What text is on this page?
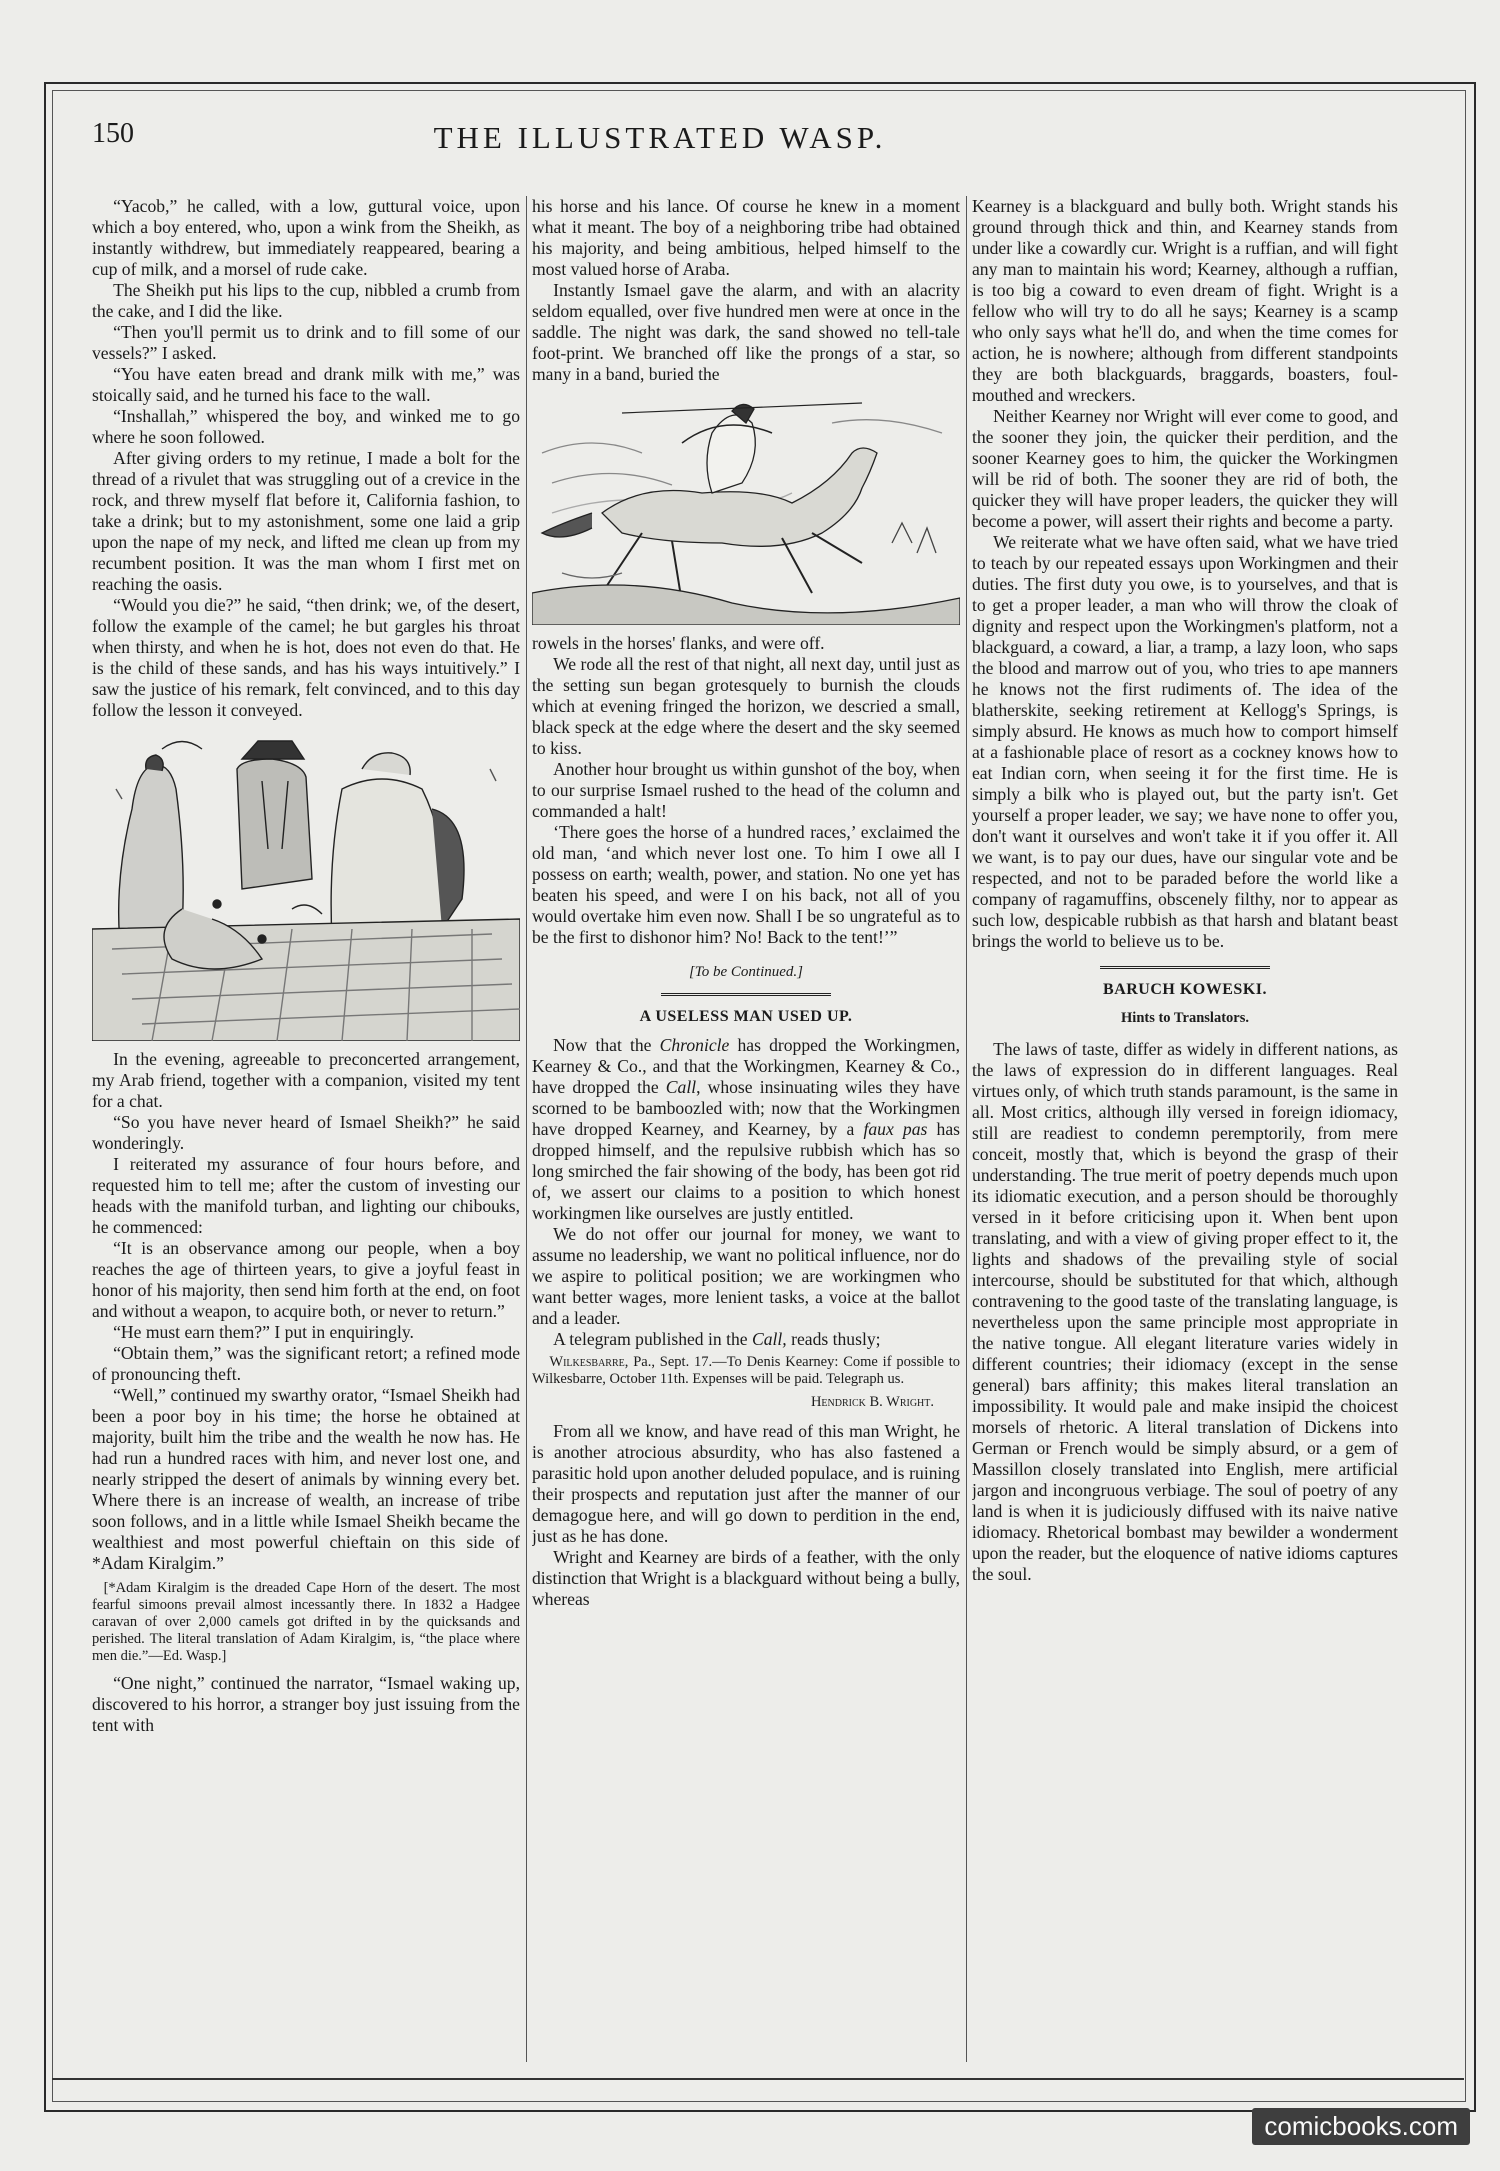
150	THE ILLUSTRATED WASP.

“Yacob,” he called, with a low, guttural voice, upon which a boy entered, who, upon a wink from the Sheikh, as instantly withdrew, but immediately reappeared, bearing a cup of milk, and a morsel of rude cake.

The Sheikh put his lips to the cup, nibbled a crumb from the cake, and I did the like.

“Then you'll permit us to drink and to fill some of our vessels?” I asked.

“You have eaten bread and drank milk with me,” was stoically said, and he turned his face to the wall.

“Inshallah,” whispered the boy, and winked me to go where he soon followed.

After giving orders to my retinue, I made a bolt for the thread of a rivulet that was struggling out of a crevice in the rock, and threw myself flat before it, California fashion, to take a drink; but to my astonishment, some one laid a grip upon the nape of my neck, and lifted me clean up from my recumbent position. It was the man whom I first met on reaching the oasis.

“Would you die?” he said, “then drink; we, of the desert, follow the example of the camel; he but gargles his throat when thirsty, and when he is hot, does not even do that. He is the child of these sands, and has his ways intuitively.” I saw the justice of his remark, felt convinced, and to this day follow the lesson it conveyed.

In the evening, agreeable to preconcerted arrangement, my Arab friend, together with a companion, visited my tent for a chat.

“So you have never heard of Ismael Sheikh?” he said wonderingly.

I reiterated my assurance of four hours before, and requested him to tell me; after the custom of investing our heads with the manifold turban, and lighting our chibouks, he commenced:

“It is an observance among our people, when a boy reaches the age of thirteen years, to give a joyful feast in honor of his majority, then send him forth at the end, on foot and without a weapon, to acquire both, or never to return.”

“He must earn them?” I put in enquiringly.

“Obtain them,” was the significant retort; a refined mode of pronouncing theft.

“Well,” continued my swarthy orator, “Ismael Sheikh had been a poor boy in his time; the horse he obtained at majority, built him the tribe and the wealth he now has. He had run a hundred races with him, and never lost one, and nearly stripped the desert of animals by winning every bet. Where there is an increase of wealth, an increase of tribe soon follows, and in a little while Ismael Sheikh became the wealthiest and most powerful chieftain on this side of *Adam Kiralgim.”

[*Adam Kiralgim is the dreaded Cape Horn of the desert. The most fearful simoons prevail almost incessantly there. In 1832 a Hadgee caravan of over 2,000 camels got drifted in by the quicksands and perished. The literal translation of Adam Kiralgim, is, “the place where men die.”—Ed. Wasp.]

“One night,” continued the narrator, “Ismael waking up, discovered to his horror, a stranger boy just issuing from the tent with

his horse and his lance. Of course he knew in a moment what it meant. The boy of a neighboring tribe had obtained his majority, and being ambitious, helped himself to the most valued horse of Araba.

Instantly Ismael gave the alarm, and with an alacrity seldom equalled, over five hundred men were at once in the saddle. The night was dark, the sand showed no tell-tale foot-print. We branched off like the prongs of a star, so many in a band, buried the

rowels in the horses' flanks, and were off.

We rode all the rest of that night, all next day, until just as the setting sun began grotesquely to burnish the clouds which at evening fringed the horizon, we descried a small, black speck at the edge where the desert and the sky seemed to kiss.

Another hour brought us within gunshot of the boy, when to our surprise Ismael rushed to the head of the column and commanded a halt!

‘There goes the horse of a hundred races,’ exclaimed the old man, ‘and which never lost one. To him I owe all I possess on earth; wealth, power, and station. No one yet has beaten his speed, and were I on his back, not all of you would overtake him even now. Shall I be so ungrateful as to be the first to dishonor him? No! Back to the tent!’”

[To be Continued.]

A USELESS MAN USED UP.

Now that the Chronicle has dropped the Workingmen, Kearney & Co., and that the Workingmen, Kearney & Co., have dropped the Call, whose insinuating wiles they have scorned to be bamboozled with; now that the Workingmen have dropped Kearney, and Kearney, by a faux pas has dropped himself, and the repulsive rubbish which has so long smirched the fair showing of the body, has been got rid of, we assert our claims to a position to which honest workingmen like ourselves are justly entitled.

We do not offer our journal for money, we want to assume no leadership, we want no political influence, nor do we aspire to political position; we are workingmen who want better wages, more lenient tasks, a voice at the ballot and a leader.

A telegram published in the Call, reads thusly;

Wilkesbarre, Pa., Sept. 17.—To Denis Kearney: Come if possible to Wilkesbarre, October 11th. Expenses will be paid. Telegraph us.

Hendrick B. Wright.

From all we know, and have read of this man Wright, he is another atrocious absurdity, who has also fastened a parasitic hold upon another deluded populace, and is ruining their prospects and reputation just after the manner of our demagogue here, and will go down to perdition in the end, just as he has done.

Wright and Kearney are birds of a feather, with the only distinction that Wright is a blackguard without being a bully, whereas

Kearney is a blackguard and bully both. Wright stands his ground through thick and thin, and Kearney stands from under like a cowardly cur. Wright is a ruffian, and will fight any man to maintain his word; Kearney, although a ruffian, is too big a coward to even dream of fight. Wright is a fellow who will try to do all he says; Kearney is a scamp who only says what he'll do, and when the time comes for action, he is nowhere; although from different standpoints they are both blackguards, braggards, boasters, foul-mouthed and wreckers.

Neither Kearney nor Wright will ever come to good, and the sooner they join, the quicker their perdition, and the sooner Kearney goes to him, the quicker the Workingmen will be rid of both. The sooner they are rid of both, the quicker they will have proper leaders, the quicker they will become a power, will assert their rights and become a party.

We reiterate what we have often said, what we have tried to teach by our repeated essays upon Workingmen and their duties. The first duty you owe, is to yourselves, and that is to get a proper leader, a man who will throw the cloak of dignity and respect upon the Workingmen's platform, not a blackguard, a coward, a liar, a tramp, a lazy loon, who saps the blood and marrow out of you, who tries to ape manners he knows not the first rudiments of. The idea of the blatherskite, seeking retirement at Kellogg's Springs, is simply absurd. He knows as much how to comport himself at a fashionable place of resort as a cockney knows how to eat Indian corn, when seeing it for the first time. He is simply a bilk who is played out, but the party isn't. Get yourself a proper leader, we say; we have none to offer you, don't want it ourselves and won't take it if you offer it. All we want, is to pay our dues, have our singular vote and be respected, and not to be paraded before the world like a company of ragamuffins, obscenely filthy, nor to appear as such low, despicable rubbish as that harsh and blatant beast brings the world to believe us to be.

BARUCH KOWESKI.
Hints to Translators.

The laws of taste, differ as widely in different nations, as the laws of expression do in different languages. Real virtues only, of which truth stands paramount, is the same in all. Most critics, although illy versed in foreign idiomacy, still are readiest to condemn peremptorily, from mere conceit, mostly that, which is beyond the grasp of their understanding. The true merit of poetry depends much upon its idiomatic execution, and a person should be thoroughly versed in it before criticising upon it. When bent upon translating, and with a view of giving proper effect to it, the lights and shadows of the prevailing style of social intercourse, should be substituted for that which, although contravening to the good taste of the translating language, is nevertheless upon the same principle most appropriate in the native tongue. All elegant literature varies widely in different countries; their idiomacy (except in the sense general) bars affinity; this makes literal translation an impossibility. It would pale and make insipid the choicest morsels of rhetoric. A literal translation of Dickens into German or French would be simply absurd, or a gem of Massillon closely translated into English, mere artificial jargon and incongruous verbiage. The soul of poetry of any land is when it is judiciously diffused with its naive native idiomacy. Rhetorical bombast may bewilder a wonderment upon the reader, but the eloquence of native idioms captures the soul.

comicbooks.com
